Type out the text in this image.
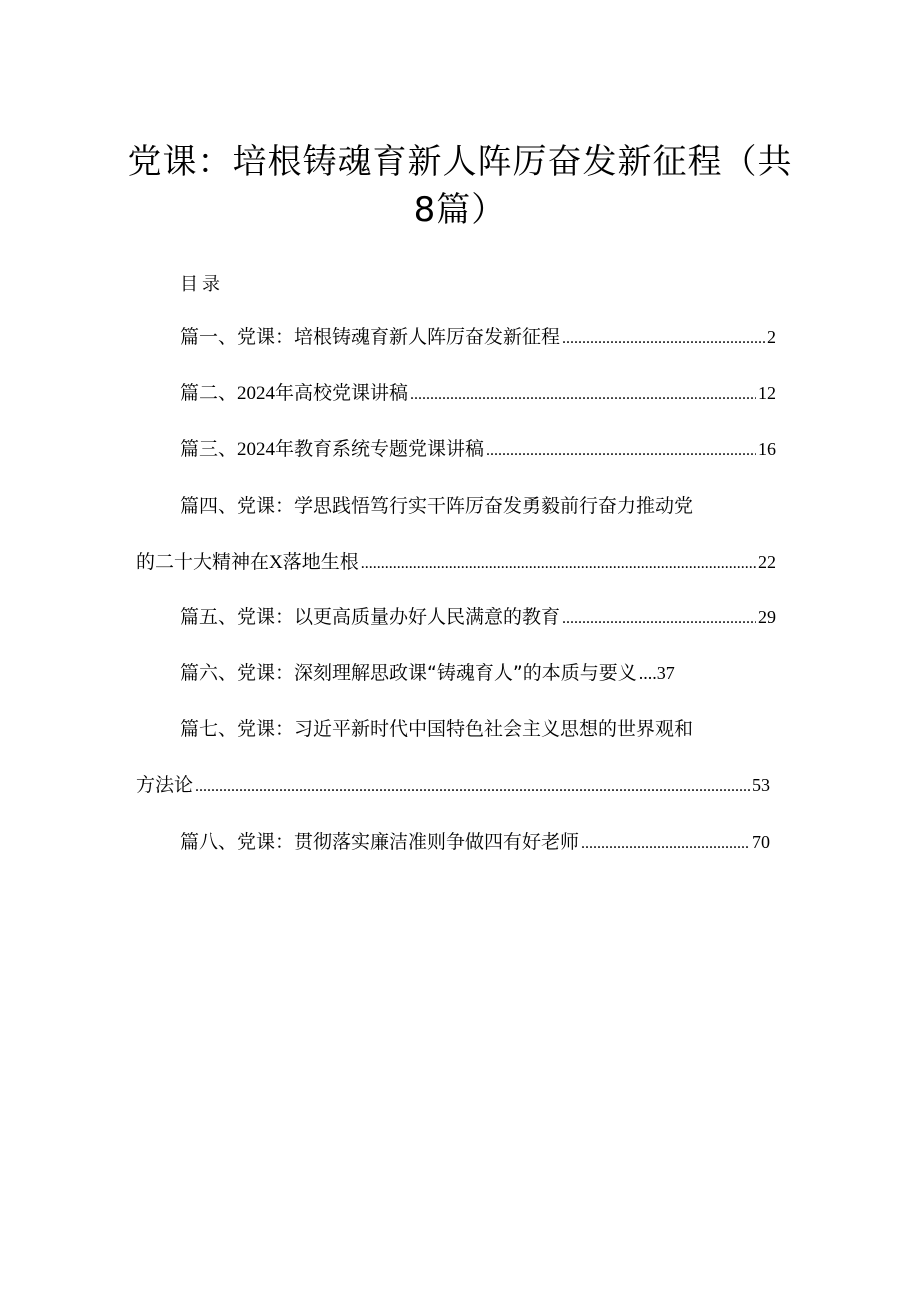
党课：培根铸魂育新人阵厉奋发新征程（共
8篇）
目录
篇一、党课：培根铸魂育新人阵厉奋发新征程 .....	2
篇二、2024年高校党课讲稿 .....	12
篇三、2024年教育系统专题党课讲稿 .....	16
篇四、党课：学思践悟笃行实干阵厉奋发勇毅前行奋力推动党
的二十大精神在X落地生根 .....	22
篇五、党课：以更高质量办好人民满意的教育 .....	29
篇六、党课：深刻理解思政课“铸魂育人”的本质与要义 .... 37
篇七、党课：习近平新时代中国特色社会主义思想的世界观和
方法论 .....	53
篇八、党课：贯彻落实廉洁准则争做四有好老师 .....	70
